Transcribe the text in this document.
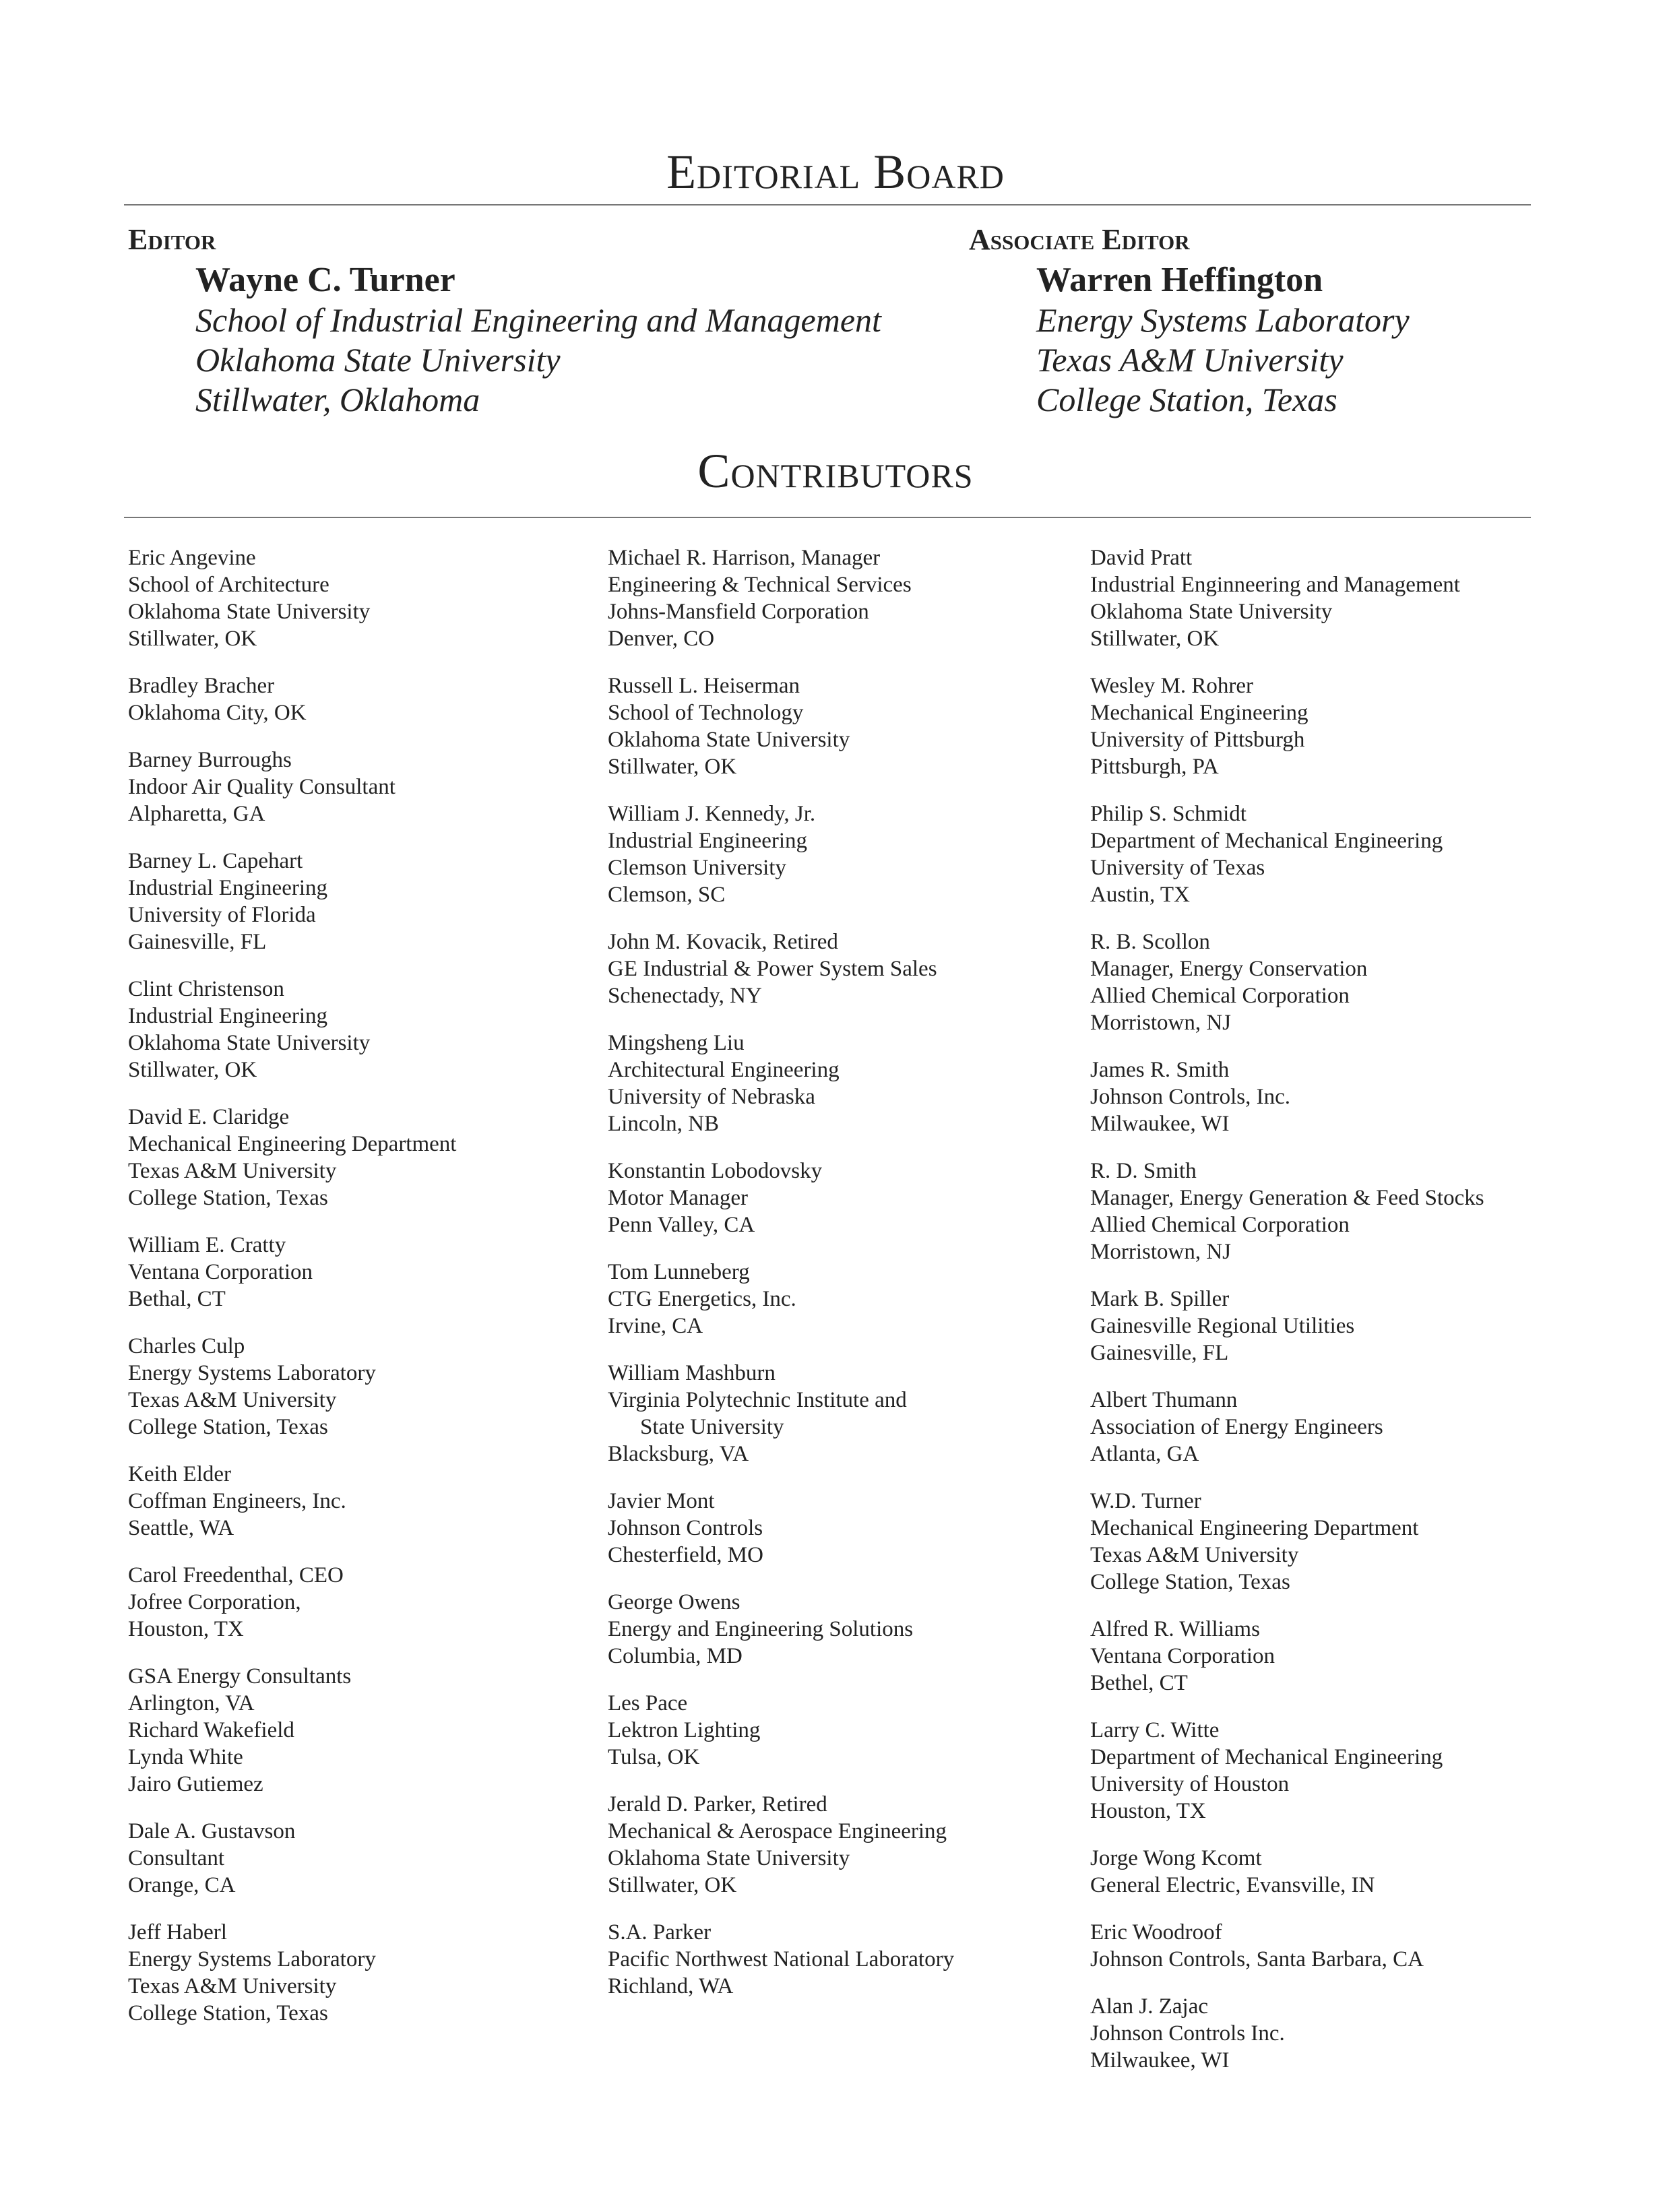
Editorial Board
Editor
Wayne C. Turner
School of Industrial Engineering and Management
Oklahoma State University
Stillwater, Oklahoma
Associate Editor
Warren Heffington
Energy Systems Laboratory
Texas A&M University
College Station, Texas
Contributors
Eric Angevine
School of Architecture
Oklahoma State University
Stillwater, OK
Bradley Bracher
Oklahoma City, OK
Barney Burroughs
Indoor Air Quality Consultant
Alpharetta, GA
Barney L. Capehart
Industrial Engineering
University of Florida
Gainesville, FL
Clint Christenson
Industrial Engineering
Oklahoma State University
Stillwater, OK
David E. Claridge
Mechanical Engineering Department
Texas A&M University
College Station, Texas
William E. Cratty
Ventana Corporation
Bethal, CT
Charles Culp
Energy Systems Laboratory
Texas A&M University
College Station, Texas
Keith Elder
Coffman Engineers, Inc.
Seattle, WA
Carol Freedenthal, CEO
Jofree Corporation,
Houston, TX
GSA Energy Consultants
Arlington, VA
Richard Wakefield
Lynda White
Jairo Gutiemez
Dale A. Gustavson
Consultant
Orange, CA
Jeff Haberl
Energy Systems Laboratory
Texas A&M University
College Station, Texas
Michael R. Harrison, Manager
Engineering & Technical Services
Johns-Mansfield Corporation
Denver, CO
Russell L. Heiserman
School of Technology
Oklahoma State University
Stillwater, OK
William J. Kennedy, Jr.
Industrial Engineering
Clemson University
Clemson, SC
John M. Kovacik, Retired
GE Industrial & Power System Sales
Schenectady, NY
Mingsheng Liu
Architectural Engineering
University of Nebraska
Lincoln, NB
Konstantin Lobodovsky
Motor Manager
Penn Valley, CA
Tom Lunneberg
CTG Energetics, Inc.
Irvine, CA
William Mashburn
Virginia Polytechnic Institute and
State University
Blacksburg, VA
Javier Mont
Johnson Controls
Chesterfield, MO
George Owens
Energy and Engineering Solutions
Columbia, MD
Les Pace
Lektron Lighting
Tulsa, OK
Jerald D. Parker, Retired
Mechanical & Aerospace Engineering
Oklahoma State University
Stillwater, OK
S.A. Parker
Pacific Northwest National Laboratory
Richland, WA
David Pratt
Industrial Enginneering and Management
Oklahoma State University
Stillwater, OK
Wesley M. Rohrer
Mechanical Engineering
University of Pittsburgh
Pittsburgh, PA
Philip S. Schmidt
Department of Mechanical Engineering
University of Texas
Austin, TX
R. B. Scollon
Manager, Energy Conservation
Allied Chemical Corporation
Morristown, NJ
James R. Smith
Johnson Controls, Inc.
Milwaukee, WI
R. D. Smith
Manager, Energy Generation & Feed Stocks
Allied Chemical Corporation
Morristown, NJ
Mark B. Spiller
Gainesville Regional Utilities
Gainesville, FL
Albert Thumann
Association of Energy Engineers
Atlanta, GA
W.D. Turner
Mechanical Engineering Department
Texas A&M University
College Station, Texas
Alfred R. Williams
Ventana Corporation
Bethel, CT
Larry C. Witte
Department of Mechanical Engineering
University of Houston
Houston, TX
Jorge Wong Kcomt
General Electric, Evansville, IN
Eric Woodroof
Johnson Controls, Santa Barbara, CA
Alan J. Zajac
Johnson Controls Inc.
Milwaukee, WI
